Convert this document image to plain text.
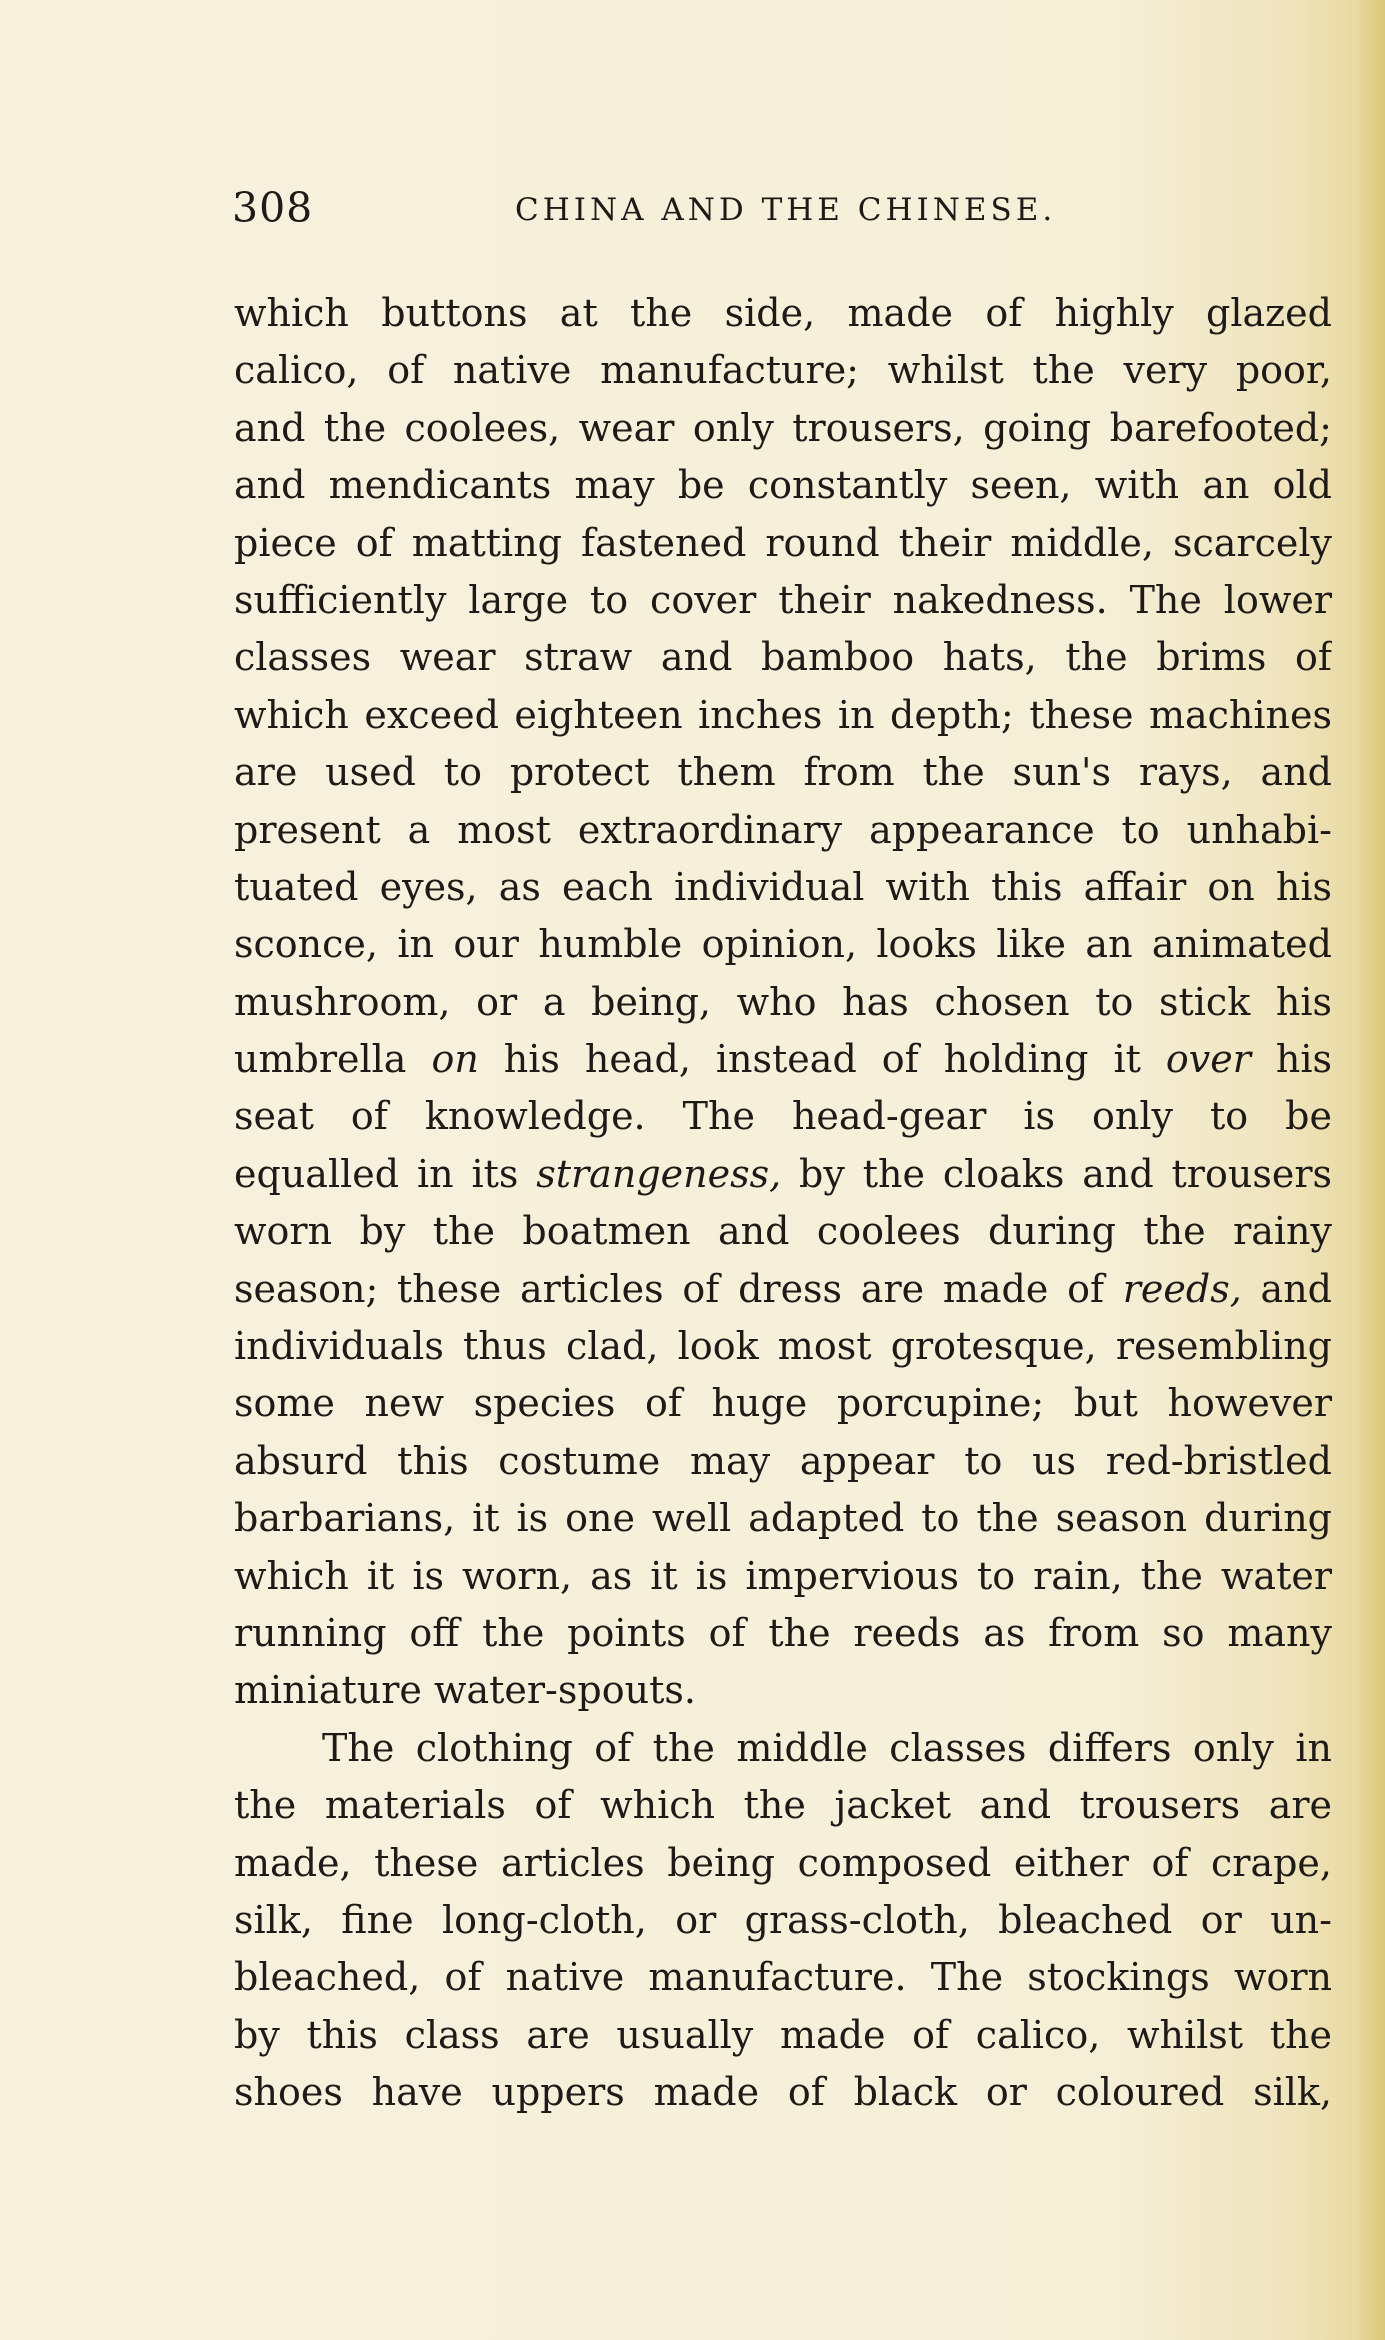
308	CHINA AND THE CHINESE.
which buttons at the side, made of highly glazed
calico, of native manufacture; whilst the very poor,
and the coolees, wear only trousers, going barefooted;
and mendicants may be constantly seen, with an old
piece of matting fastened round their middle, scarcely
sufficiently large to cover their nakedness. The lower
classes wear straw and bamboo hats, the brims of
which exceed eighteen inches in depth; these machines
are used to protect them from the sun's rays, and
present a most extraordinary appearance to unhabi-
tuated eyes, as each individual with this affair on his
sconce, in our humble opinion, looks like an animated
mushroom, or a being, who has chosen to stick his
umbrella on his head, instead of holding it over his
seat of knowledge. The head-gear is only to be
equalled in its strangeness, by the cloaks and trousers
worn by the boatmen and coolees during the rainy
season; these articles of dress are made of reeds, and
individuals thus clad, look most grotesque, resembling
some new species of huge porcupine; but however
absurd this costume may appear to us red-bristled
barbarians, it is one well adapted to the season during
which it is worn, as it is impervious to rain, the water
running off the points of the reeds as from so many
miniature water-spouts.
The clothing of the middle classes differs only in
the materials of which the jacket and trousers are
made, these articles being composed either of crape,
silk, fine long-cloth, or grass-cloth, bleached or un-
bleached, of native manufacture. The stockings worn
by this class are usually made of calico, whilst the
shoes have uppers made of black or coloured silk,
